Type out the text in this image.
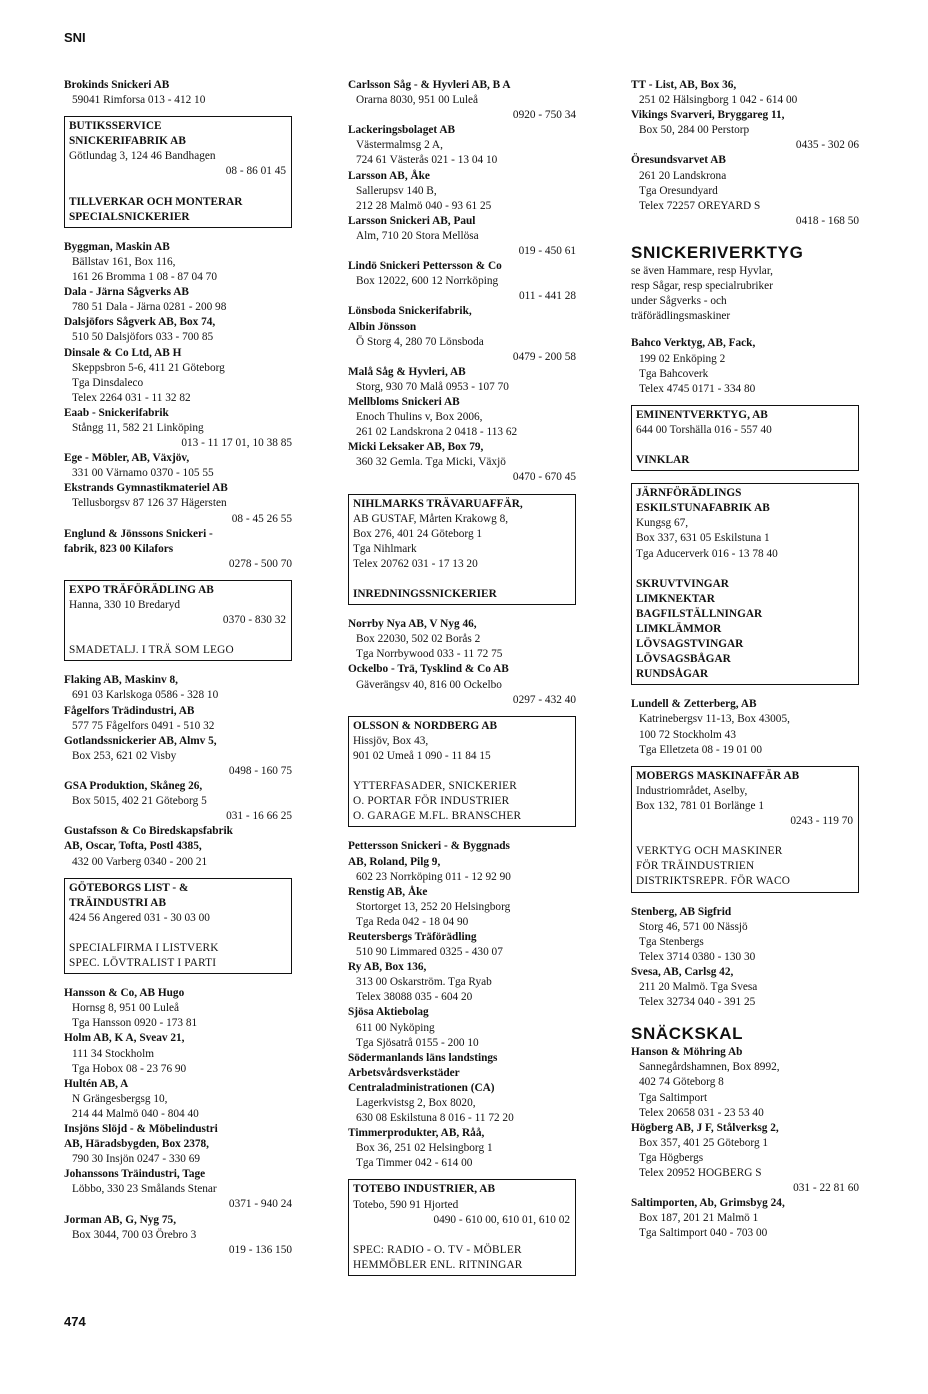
SNI
Brokinds Snickeri AB
59041 Rimforsa 013 - 412 10
BUTIKSSERVICE
SNICKERIFABRIK AB
Götlundag 3, 124 46 Bandhagen
08 - 86 01 45
TILLVERKAR OCH MONTERAR
SPECIALSNICKERIER
Byggman, Maskin AB
Bällstav 161, Box 116,
161 26 Bromma 1 08 - 87 04 70
Dala - Järna Sågverks AB
780 51 Dala - Järna 0281 - 200 98
Dalsjöfors Sågverk AB, Box 74,
510 50 Dalsjöfors 033 - 700 85
Dinsale & Co Ltd, AB H
Skeppsbron 5-6, 411 21 Göteborg
Tga Dinsdaleco
Telex 2264 031 - 11 32 82
Eaab - Snickerifabrik
Stångg 11, 582 21 Linköping
013 - 11 17 01, 10 38 85
Ege - Möbler, AB, Växjöv,
331 00 Värnamo 0370 - 105 55
Ekstrands Gymnastikmateriel AB
Tellusborgsv 87 126 37 Hägersten
08 - 45 26 55
Englund & Jönssons Snickeri -
fabrik, 823 00 Kilafors
0278 - 500 70
EXPO TRÄFÖRÄDLING AB
Hanna, 330 10 Bredaryd
0370 - 830 32
SMADETALJ. I TRÄ SOM LEGO
Flaking AB, Maskinv 8,
691 03 Karlskoga 0586 - 328 10
Fågelfors Trädindustri, AB
577 75 Fågelfors 0491 - 510 32
Gotlandssnickerier AB, Almv 5,
Box 253, 621 02 Visby
0498 - 160 75
GSA Produktion, Skåneg 26,
Box 5015, 402 21 Göteborg 5
031 - 16 66 25
Gustafsson & Co Biredskapsfabrik
AB, Oscar, Tofta, Postl 4385,
432 00 Varberg 0340 - 200 21
GÖTEBORGS LIST - &
TRÄINDUSTRI AB
424 56 Angered 031 - 30 03 00
SPECIALFIRMA I LISTVERK
SPEC. LÖVTRALIST I PARTI
Hansson & Co, AB Hugo
Hornsg 8, 951 00 Luleå
Tga Hansson 0920 - 173 81
Holm AB, K A, Sveav 21,
111 34 Stockholm
Tga Hobox 08 - 23 76 90
Hultén AB, A
N Grängesbergsg 10,
214 44 Malmö 040 - 804 40
Insjöns Slöjd - & Möbelindustri
AB, Häradsbygden, Box 2378,
790 30 Insjön 0247 - 330 69
Johanssons Träindustri, Tage
Löbbo, 330 23 Smålands Stenar
0371 - 940 24
Jorman AB, G, Nyg 75,
Box 3044, 700 03 Örebro 3
019 - 136 150
Carlsson Såg - & Hyvleri AB, B A
Orarna 8030, 951 00 Luleå
0920 - 750 34
Lackeringsbolaget AB
Västermalmsg 2 A,
724 61 Västerås 021 - 13 04 10
Larsson AB, Åke
Sallerupsv 140 B,
212 28 Malmö 040 - 93 61 25
Larsson Snickeri AB, Paul
Alm, 710 20 Stora Mellösa
019 - 450 61
Lindö Snickeri Pettersson & Co
Box 12022, 600 12 Norrköping
011 - 441 28
Lönsboda Snickerifabrik,
Albin Jönsson
Ö Storg 4, 280 70 Lönsboda
0479 - 200 58
Malå Såg & Hyvleri, AB
Storg, 930 70 Malå 0953 - 107 70
Mellbloms Snickeri AB
Enoch Thulins v, Box 2006,
261 02 Landskrona 2 0418 - 113 62
Micki Leksaker AB, Box 79,
360 32 Gemla. Tga Micki, Växjö
0470 - 670 45
NIHLMARKS TRÄVARUAFFÄR,
AB GUSTAF, Mårten Krakowg 8,
Box 276, 401 24 Göteborg 1
Tga Nihlmark
Telex 20762 031 - 17 13 20
INREDNINGSSNICKERIER
Norrby Nya AB, V Nyg 46,
Box 22030, 502 02 Borås 2
Tga Norrbywood 033 - 11 72 75
Ockelbo - Trä, Tysklind & Co AB
Gäverängsv 40, 816 00 Ockelbo
0297 - 432 40
OLSSON & NORDBERG AB
Hissjöv, Box 43,
901 02 Umeå 1 090 - 11 84 15
YTTERFASADER, SNICKERIER
O. PORTAR FÖR INDUSTRIER
O. GARAGE M.FL. BRANSCHER
Pettersson Snickeri - & Byggnads
AB, Roland, Pilg 9,
602 23 Norrköping 011 - 12 92 90
Renstig AB, Åke
Stortorget 13, 252 20 Helsingborg
Tga Reda 042 - 18 04 90
Reutersbergs Träförädling
510 90 Limmared 0325 - 430 07
Ry AB, Box 136,
313 00 Oskarström. Tga Ryab
Telex 38088 035 - 604 20
Sjösa Aktiebolag
611 00 Nyköping
Tga Sjösatrå 0155 - 200 10
Södermanlands läns landstings
Arbetsvårdsverkstäder
Centraladministrationen (CA)
Lagerkvistsg 2, Box 8020,
630 08 Eskilstuna 8 016 - 11 72 20
Timmerprodukter, AB, Råå,
Box 36, 251 02 Helsingborg 1
Tga Timmer 042 - 614 00
TOTEBO INDUSTRIER, AB
Totebo, 590 91 Hjorted
0490 - 610 00, 610 01, 610 02
SPEC: RADIO - O. TV - MÖBLER
HEMMÖBLER ENL. RITNINGAR
TT - List, AB, Box 36,
251 02 Hälsingborg 1 042 - 614 00
Vikings Svarveri, Bryggareg 11,
Box 50, 284 00 Perstorp
0435 - 302 06
Öresundsvarvet AB
261 20 Landskrona
Tga Oresundyard
Telex 72257 OREYARD S
0418 - 168 50
SNICKERIVERKTYG
se även Hammare, resp Hyvlar,
resp Sågar, resp specialrubriker
under Sågverks - och
träförädlingsmaskiner
Bahco Verktyg, AB, Fack,
199 02 Enköping 2
Tga Bahcoverk
Telex 4745 0171 - 334 80
EMINENTVERKTYG, AB
644 00 Torshälla 016 - 557 40
VINKLAR
JÄRNFÖRÄDLINGS
ESKILSTUNAFABRIK AB
Kungsg 67,
Box 337, 631 05 Eskilstuna 1
Tga Aducerverk 016 - 13 78 40
SKRUVTVINGAR
LIMKNEKTAR
BAGFILSTÄLLNINGAR
LIMKLÄMMOR
LÖVSAGSTVINGAR
LÖVSAGSBÅGAR
RUNDSÅGAR
Lundell & Zetterberg, AB
Katrinebergsv 11-13, Box 43005,
100 72 Stockholm 43
Tga Elletzeta 08 - 19 01 00
MOBERGS MASKINAFFÄR AB
Industriområdet, Aselby,
Box 132, 781 01 Borlänge 1
0243 - 119 70
VERKTYG OCH MASKINER
FÖR TRÄINDUSTRIEN
DISTRIKTSREPR. FÖR WACO
Stenberg, AB Sigfrid
Storg 46, 571 00 Nässjö
Tga Stenbergs
Telex 3714 0380 - 130 30
Svesa, AB, Carlsg 42,
211 20 Malmö. Tga Svesa
Telex 32734 040 - 391 25
SNÄCKSKAL
Hanson & Möhring Ab
Sannegårdshamnen, Box 8992,
402 74 Göteborg 8
Tga Saltimport
Telex 20658 031 - 23 53 40
Högberg AB, J F, Stålverksg 2,
Box 357, 401 25 Göteborg 1
Tga Högbergs
Telex 20952 HOGBERG S
031 - 22 81 60
Saltimporten, Ab, Grimsbyg 24,
Box 187, 201 21 Malmö 1
Tga Saltimport 040 - 703 00
474
